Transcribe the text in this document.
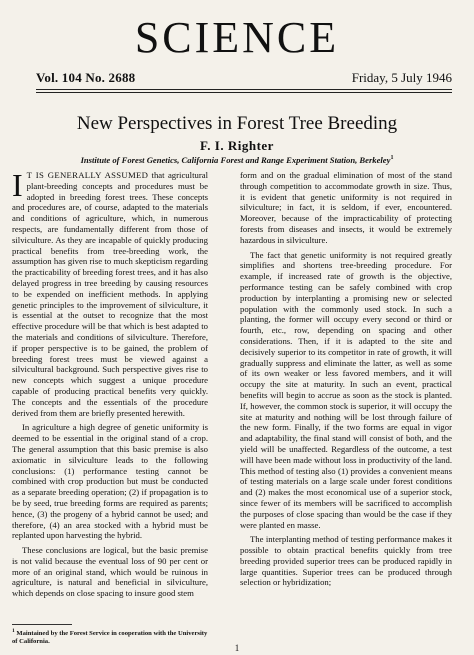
SCIENCE
Vol. 104 No. 2688	Friday, 5 July 1946
New Perspectives in Forest Tree Breeding
F. I. Righter
Institute of Forest Genetics, California Forest and Range Experiment Station, Berkeley$^1$

I T IS GENERALLY ASSUMED that agricultural plant-breeding concepts and procedures must be adopted in breeding forest trees. These concepts and procedures are, of course, adapted to the materials and conditions of agriculture, which, in numerous respects, are fundamentally different from those of silviculture. As they are incapable of quickly producing practical benefits from tree-breeding work, the assumption has given rise to much skepticism regarding the practicability of breeding forest trees, and it has also delayed progress in tree breeding by causing resources to be expended on inefficient methods. In applying genetic principles to the improvement of silviculture, it is essential at the outset to recognize that the most effective procedure will be that which is best adapted to the materials and conditions of silviculture. Therefore, if proper perspective is to be gained, the problem of breeding forest trees must be viewed against a silvicultural background. Such perspective gives rise to new concepts which suggest a unique procedure capable of producing practical benefits very quickly. The concepts and the essentials of the procedure derived from them are briefly presented herewith.

In agriculture a high degree of genetic uniformity is deemed to be essential in the original stand of a crop. The general assumption that this basic premise is also axiomatic in silviculture leads to the following conclusions: (1) performance testing cannot be combined with crop production but must be conducted as a separate breeding operation; (2) if propagation is to be by seed, true breeding forms are required as parents; hence, (3) the progeny of a hybrid cannot be used; and therefore, (4) an area stocked with a hybrid must be replanted upon harvesting the hybrid.

These conclusions are logical, but the basic premise is not valid because the eventual loss of 90 per cent or more of an original stand, which would be ruinous in agriculture, is natural and beneficial in silviculture, which depends on close spacing to insure good stem

form and on the gradual elimination of most of the stand through competition to accommodate growth in size. Thus, it is evident that genetic uniformity is not required in silviculture; in fact, it is seldom, if ever, encountered. Moreover, because of the impracticability of protecting forests from diseases and insects, it would be extremely hazardous in silviculture.

The fact that genetic uniformity is not required greatly simplifies and shortens tree-breeding procedure. For example, if increased rate of growth is the objective, performance testing can be safely combined with crop production by interplanting a promising new or selected population with the commonly used stock. In such a planting, the former will occupy every second or third or fourth, etc., row, depending on spacing and other considerations. Then, if it is adapted to the site and decisively superior to its competitor in rate of growth, it will gradually suppress and eliminate the latter, as well as some of its own weaker or less favored members, and it will occupy the site at maturity. In such an event, practical benefits will begin to accrue as soon as the stock is planted. If, however, the common stock is superior, it will occupy the site at maturity and nothing will be lost through failure of the new form. Finally, if the two forms are equal in vigor and adaptability, the final stand will consist of both, and the yield will be unaffected. Regardless of the outcome, a test will have been made without loss in productivity of the land. This method of testing also (1) provides a convenient means of testing materials on a large scale under forest conditions and (2) makes the most economical use of a superior stock, since fewer of its members will be sacrificed to accomplish the purposes of close spacing than would be the case if they were planted en masse.

The interplanting method of testing performance makes it possible to obtain practical benefits quickly from tree breeding provided superior trees can be produced rapidly in large quantities. Superior trees can be produced through selection or hybridization;

$^1$ Maintained by the Forest Service in cooperation with the University of California.
1
